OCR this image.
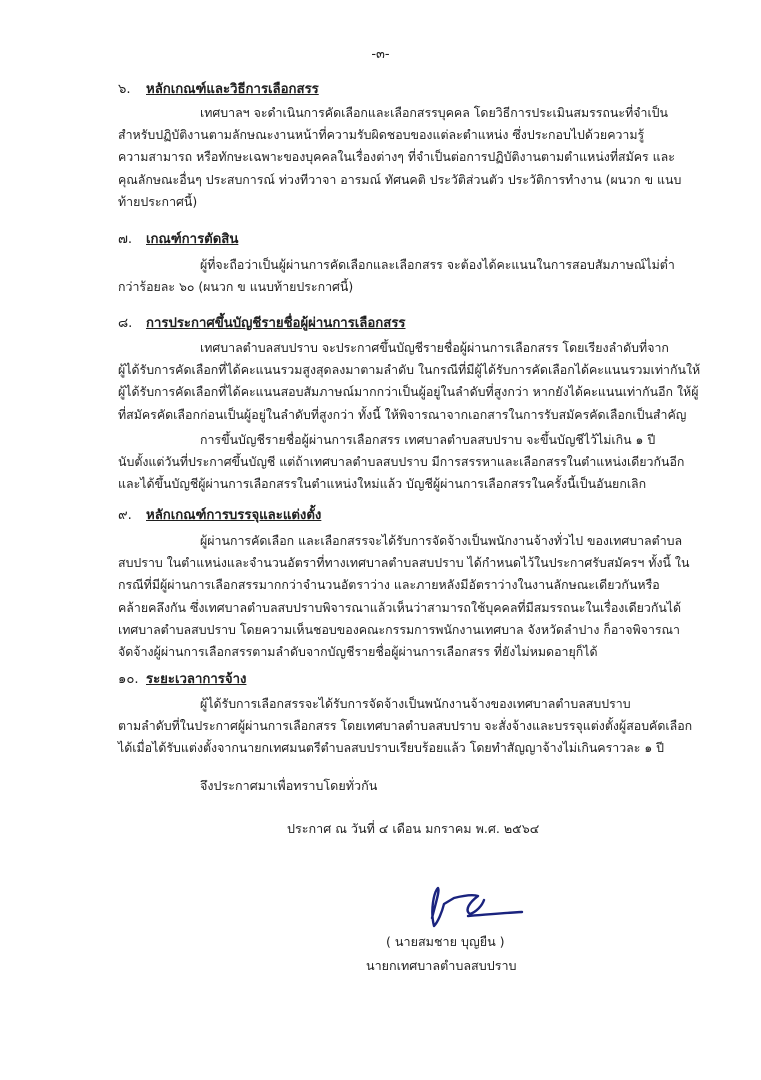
-๓-
๖. หลักเกณฑ์และวิธีการเลือกสรร
เทศบาลฯ จะดำเนินการคัดเลือกและเลือกสรรบุคคล โดยวิธีการประเมินสมรรถนะที่จำเป็น
สำหรับปฏิบัติงานตามลักษณะงานหน้าที่ความรับผิดชอบของแต่ละตำแหน่ง ซึ่งประกอบไปด้วยความรู้
ความสามารถ หรือทักษะเฉพาะของบุคคลในเรื่องต่างๆ ที่จำเป็นต่อการปฏิบัติงานตามตำแหน่งที่สมัคร และ
คุณลักษณะอื่นๆ ประสบการณ์ ท่วงทีวาจา อารมณ์ ทัศนคติ ประวัติส่วนตัว ประวัติการทำงาน (ผนวก ข แนบ
ท้ายประกาศนี้)
๗. เกณฑ์การตัดสิน
ผู้ที่จะถือว่าเป็นผู้ผ่านการคัดเลือกและเลือกสรร จะต้องได้คะแนนในการสอบสัมภาษณ์ไม่ต่ำ
กว่าร้อยละ ๖๐ (ผนวก ข แนบท้ายประกาศนี้)
๘. การประกาศขึ้นบัญชีรายชื่อผู้ผ่านการเลือกสรร
เทศบาลตำบลสบปราบ จะประกาศขึ้นบัญชีรายชื่อผู้ผ่านการเลือกสรร โดยเรียงลำดับที่จาก
ผู้ได้รับการคัดเลือกที่ได้คะแนนรวมสูงสุดลงมาตามลำดับ ในกรณีที่มีผู้ได้รับการคัดเลือกได้คะแนนรวมเท่ากันให้
ผู้ได้รับการคัดเลือกที่ได้คะแนนสอบสัมภาษณ์มากกว่าเป็นผู้อยู่ในลำดับที่สูงกว่า หากยังได้คะแนนเท่ากันอีก ให้ผู้
ที่สมัครคัดเลือกก่อนเป็นผู้อยู่ในลำดับที่สูงกว่า ทั้งนี้ ให้พิจารณาจากเอกสารในการรับสมัครคัดเลือกเป็นสำคัญ
การขึ้นบัญชีรายชื่อผู้ผ่านการเลือกสรร เทศบาลตำบลสบปราบ จะขึ้นบัญชีไว้ไม่เกิน ๑ ปี
นับตั้งแต่วันที่ประกาศขึ้นบัญชี แต่ถ้าเทศบาลตำบลสบปราบ มีการสรรหาและเลือกสรรในตำแหน่งเดียวกันอีก
และได้ขึ้นบัญชีผู้ผ่านการเลือกสรรในตำแหน่งใหม่แล้ว บัญชีผู้ผ่านการเลือกสรรในครั้งนี้เป็นอันยกเลิก
๙. หลักเกณฑ์การบรรจุและแต่งตั้ง
ผู้ผ่านการคัดเลือก และเลือกสรรจะได้รับการจัดจ้างเป็นพนักงานจ้างทั่วไป ของเทศบาลตำบล
สบปราบ ในตำแหน่งและจำนวนอัตราที่ทางเทศบาลตำบลสบปราบ ได้กำหนดไว้ในประกาศรับสมัครฯ ทั้งนี้ ใน
กรณีที่มีผู้ผ่านการเลือกสรรมากกว่าจำนวนอัตราว่าง และภายหลังมีอัตราว่างในงานลักษณะเดียวกันหรือ
คล้ายคลึงกัน ซึ่งเทศบาลตำบลสบปราบพิจารณาแล้วเห็นว่าสามารถใช้บุคคลที่มีสมรรถนะในเรื่องเดียวกันได้
เทศบาลตำบลสบปราบ โดยความเห็นชอบของคณะกรรมการพนักงานเทศบาล จังหวัดลำปาง ก็อาจพิจารณา
จัดจ้างผู้ผ่านการเลือกสรรตามลำดับจากบัญชีรายชื่อผู้ผ่านการเลือกสรร ที่ยังไม่หมดอายุก็ได้
๑๐. ระยะเวลาการจ้าง
ผู้ได้รับการเลือกสรรจะได้รับการจัดจ้างเป็นพนักงานจ้างของเทศบาลตำบลสบปราบ
ตามลำดับที่ในประกาศผู้ผ่านการเลือกสรร โดยเทศบาลตำบลสบปราบ จะสั่งจ้างและบรรจุแต่งตั้งผู้สอบคัดเลือก
ได้เมื่อได้รับแต่งตั้งจากนายกเทศมนตรีตำบลสบปราบเรียบร้อยแล้ว โดยทำสัญญาจ้างไม่เกินคราวละ ๑ ปี
จึงประกาศมาเพื่อทราบโดยทั่วกัน
ประกาศ ณ วันที่ ๔ เดือน มกราคม พ.ศ. ๒๕๖๔
( นายสมชาย บุญยืน )
นายกเทศบาลตำบลสบปราบ
